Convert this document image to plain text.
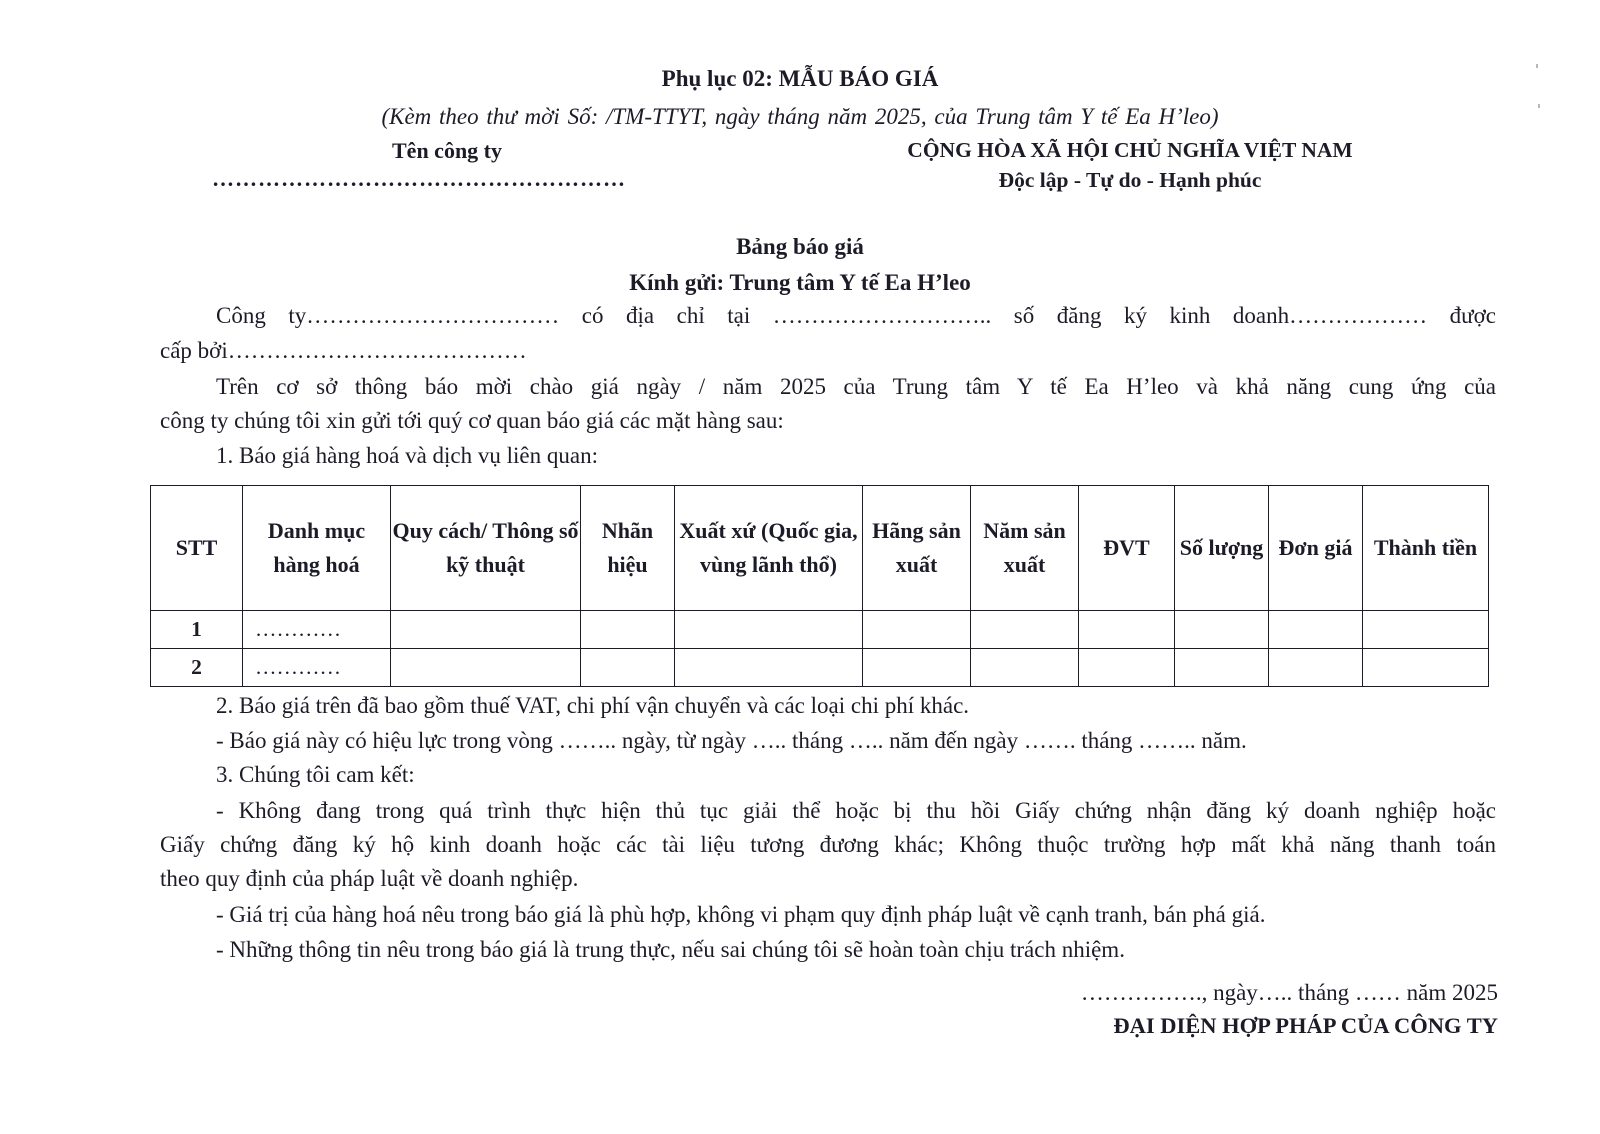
Phụ lục 02: MẪU BÁO GIÁ
(Kèm theo thư mời Số: /TM-TTYT, ngày tháng năm 2025, của Trung tâm Y tế Ea H’leo)
Tên công ty
………………………………………………
CỘNG HÒA XÃ HỘI CHỦ NGHĨA VIỆT NAM
Độc lập - Tự do - Hạnh phúc
Bảng báo giá
Kính gửi: Trung tâm Y tế Ea H’leo
Công ty…………………………… có địa chỉ tại ……………………….. số đăng ký kinh doanh……………… được
cấp bởi…………………………………
Trên cơ sở thông báo mời chào giá ngày / năm 2025 của Trung tâm Y tế Ea H’leo và khả năng cung ứng của
công ty chúng tôi xin gửi tới quý cơ quan báo giá các mặt hàng sau:
1. Báo giá hàng hoá và dịch vụ liên quan:
STT	Danh mục hàng hoá	Quy cách/ Thông số kỹ thuật	Nhãn hiệu	Xuất xứ (Quốc gia, vùng lãnh thổ)	Hãng sản xuất	Năm sản xuất	ĐVT	Số lượng	Đơn giá	Thành tiền
1	…………									
2	…………									
2. Báo giá trên đã bao gồm thuế VAT, chi phí vận chuyển và các loại chi phí khác.
- Báo giá này có hiệu lực trong vòng …….. ngày, từ ngày ….. tháng ….. năm đến ngày ……. tháng …….. năm.
3. Chúng tôi cam kết:
- Không đang trong quá trình thực hiện thủ tục giải thể hoặc bị thu hồi Giấy chứng nhận đăng ký doanh nghiệp hoặc
Giấy chứng đăng ký hộ kinh doanh hoặc các tài liệu tương đương khác; Không thuộc trường hợp mất khả năng thanh toán
theo quy định của pháp luật về doanh nghiệp.
- Giá trị của hàng hoá nêu trong báo giá là phù hợp, không vi phạm quy định pháp luật về cạnh tranh, bán phá giá.
- Những thông tin nêu trong báo giá là trung thực, nếu sai chúng tôi sẽ hoàn toàn chịu trách nhiệm.
……………., ngày….. tháng …… năm 2025
ĐẠI DIỆN HỢP PHÁP CỦA CÔNG TY
